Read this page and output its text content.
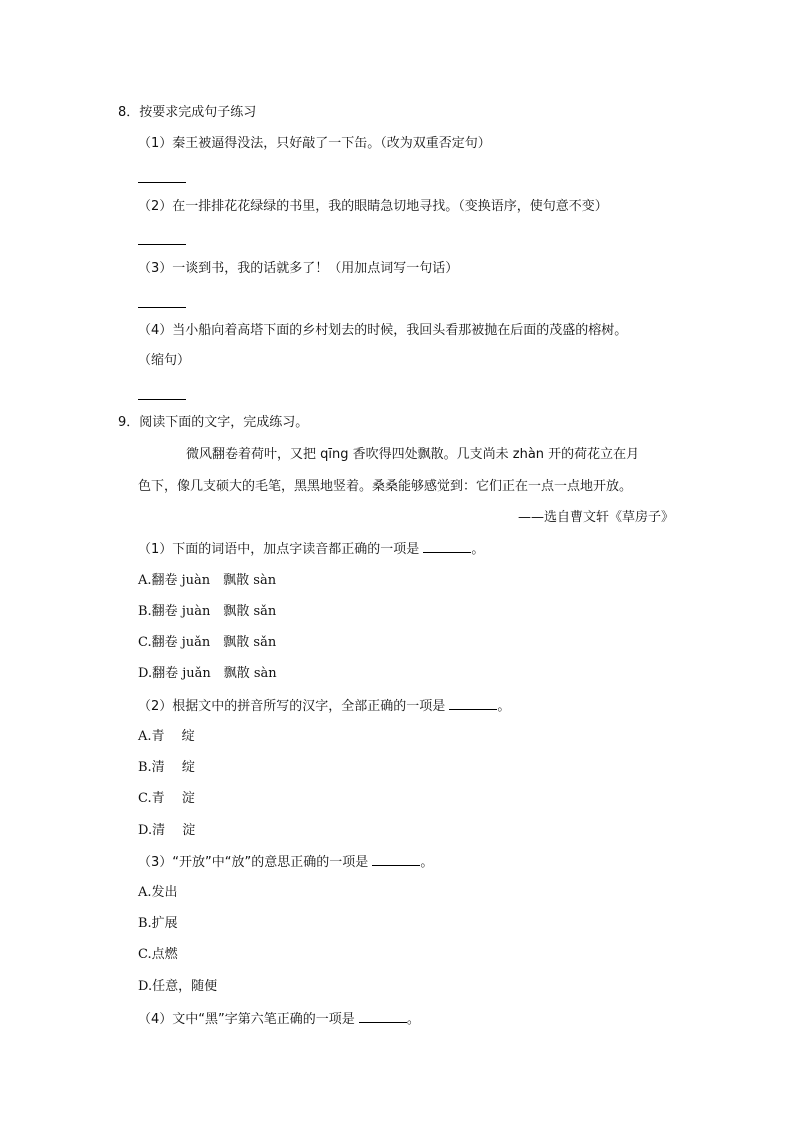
8．按要求完成句子练习
（1）秦王被逼得没法，只好敲了一下缶。（改为双重否定句）
（2）在一排排花花绿绿的书里，我的眼睛急切地寻找。（变换语序，使句意不变）
（3）一谈到书，我的话就多了！（用加点词写一句话）
（4）当小船向着高塔下面的乡村划去的时候，我回头看那被抛在后面的茂盛的榕树。
（缩句）
9．阅读下面的文字，完成练习。
微风翻卷着荷叶，又把 qīng 香吹得四处飘散。几支尚未 zhàn 开的荷花立在月
色下，像几支硕大的毛笔，黑黑地竖着。桑桑能够感觉到：它们正在一点一点地开放。
——选自曹文轩《草房子》
（1）下面的词语中，加点字读音都正确的一项是	。
A.翻卷 juàn　飘散 sàn
B.翻卷 juàn　飘散 sǎn
C.翻卷 juǎn　飘散 sǎn
D.翻卷 juǎn　飘散 sàn
（2）根据文中的拼音所写的汉字，全部正确的一项是	。
A.青　 绽
B.清　 绽
C.青　 淀
D.清　 淀
（3）“开放”中“放”的意思正确的一项是	。
A.发出
B.扩展
C.点燃
D.任意，随便
（4）文中“黑”字第六笔正确的一项是	。
